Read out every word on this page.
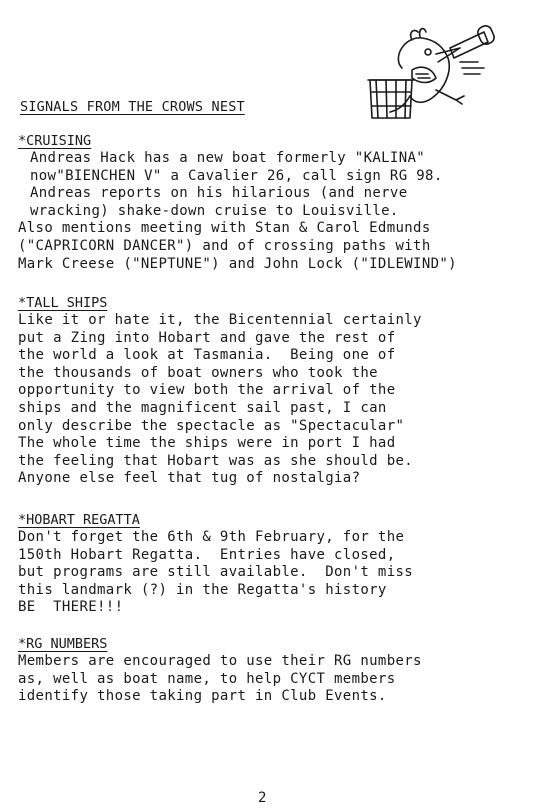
SIGNALS FROM THE CROWS NEST
*CRUISING
Andreas Hack has a new boat formerly "KALINA"
now"BIENCHEN V" a Cavalier 26, call sign RG 98.
Andreas reports on his hilarious (and nerve
wracking) shake-down cruise to Louisville.
Also mentions meeting with Stan & Carol Edmunds
("CAPRICORN DANCER") and of crossing paths with
Mark Creese ("NEPTUNE") and John Lock ("IDLEWIND")
*TALL SHIPS
Like it or hate it, the Bicentennial certainly
put a Zing into Hobart and gave the rest of
the world a look at Tasmania.  Being one of
the thousands of boat owners who took the
opportunity to view both the arrival of the
ships and the magnificent sail past, I can
only describe the spectacle as "Spectacular"
The whole time the ships were in port I had
the feeling that Hobart was as she should be.
Anyone else feel that tug of nostalgia?
*HOBART REGATTA
Don't forget the 6th & 9th February, for the
150th Hobart Regatta.  Entries have closed,
but programs are still available.  Don't miss
this landmark (?) in the Regatta's history
BE  THERE!!!
*RG NUMBERS
Members are encouraged to use their RG numbers
as, well as boat name, to help CYCT members
identify those taking part in Club Events.
2
